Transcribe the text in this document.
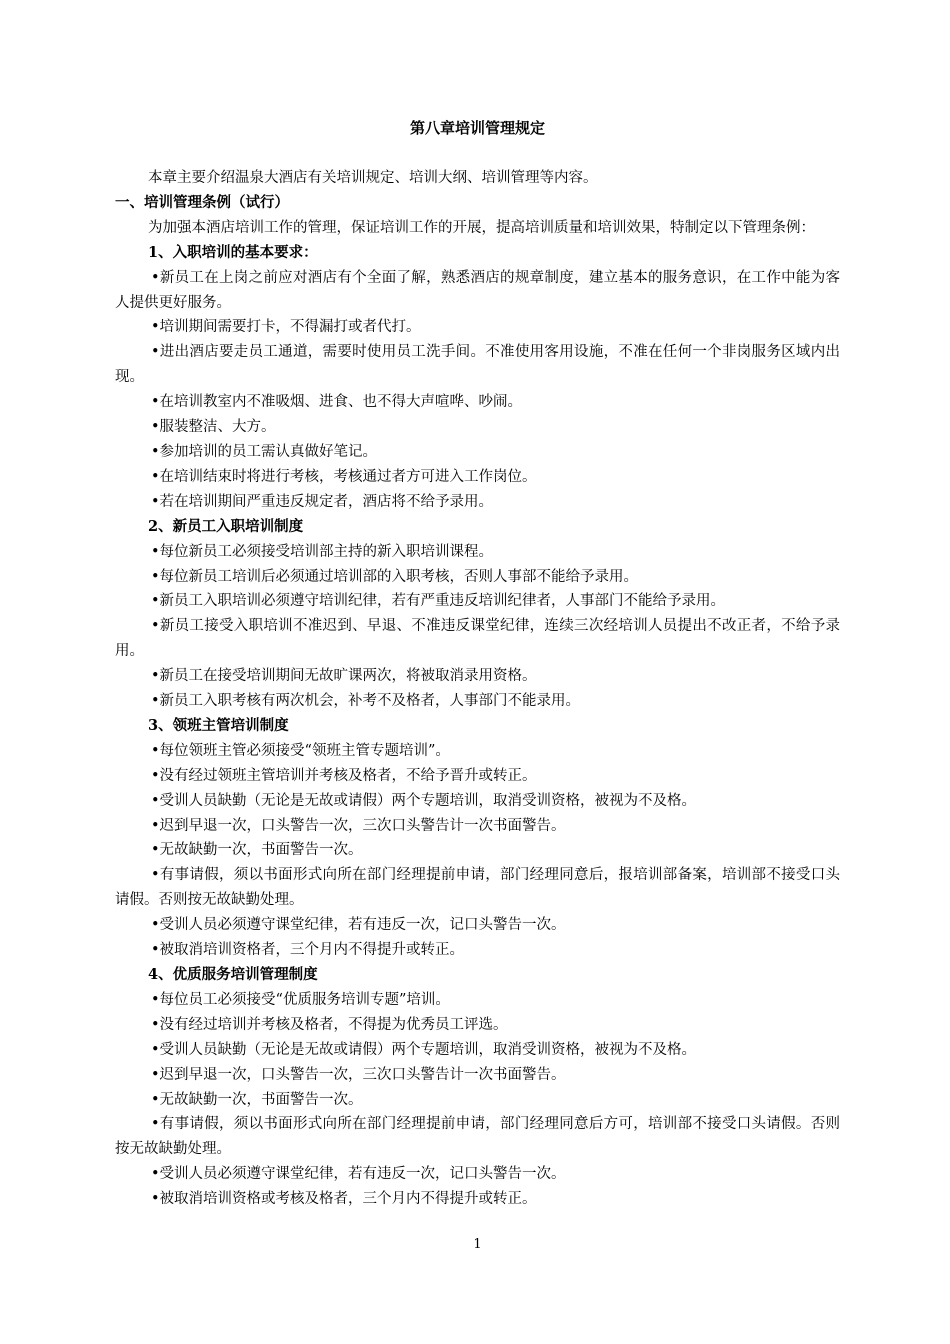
第八章培训管理规定

本章主要介绍温泉大酒店有关培训规定、培训大纲、培训管理等内容。

一、培训管理条例（试行）

为加强本酒店培训工作的管理，保证培训工作的开展，提高培训质量和培训效果，特制定以下管理条例：

1、入职培训的基本要求：

•新员工在上岗之前应对酒店有个全面了解，熟悉酒店的规章制度，建立基本的服务意识，在工作中能为客人提供更好服务。

•培训期间需要打卡，不得漏打或者代打。

•进出酒店要走员工通道，需要时使用员工洗手间。不准使用客用设施，不准在任何一个非岗服务区域内出现。

•在培训教室内不准吸烟、进食、也不得大声喧哗、吵闹。

•服装整洁、大方。

•参加培训的员工需认真做好笔记。

•在培训结束时将进行考核，考核通过者方可进入工作岗位。

•若在培训期间严重违反规定者，酒店将不给予录用。

2、新员工入职培训制度

•每位新员工必须接受培训部主持的新入职培训课程。

•每位新员工培训后必须通过培训部的入职考核，否则人事部不能给予录用。

•新员工入职培训必须遵守培训纪律，若有严重违反培训纪律者，人事部门不能给予录用。

•新员工接受入职培训不准迟到、早退、不准违反课堂纪律，连续三次经培训人员提出不改正者，不给予录用。

•新员工在接受培训期间无故旷课两次，将被取消录用资格。

•新员工入职考核有两次机会，补考不及格者，人事部门不能录用。

3、领班主管培训制度

•每位领班主管必须接受“领班主管专题培训”。

•没有经过领班主管培训并考核及格者，不给予晋升或转正。

•受训人员缺勤（无论是无故或请假）两个专题培训，取消受训资格，被视为不及格。

•迟到早退一次，口头警告一次，三次口头警告计一次书面警告。

•无故缺勤一次，书面警告一次。

•有事请假，须以书面形式向所在部门经理提前申请，部门经理同意后，报培训部备案，培训部不接受口头请假。否则按无故缺勤处理。

•受训人员必须遵守课堂纪律，若有违反一次，记口头警告一次。

•被取消培训资格者，三个月内不得提升或转正。

4、优质服务培训管理制度

•每位员工必须接受“优质服务培训专题”培训。

•没有经过培训并考核及格者，不得提为优秀员工评选。

•受训人员缺勤（无论是无故或请假）两个专题培训，取消受训资格，被视为不及格。

•迟到早退一次，口头警告一次，三次口头警告计一次书面警告。

•无故缺勤一次，书面警告一次。

•有事请假，须以书面形式向所在部门经理提前申请，部门经理同意后方可，培训部不接受口头请假。否则按无故缺勤处理。

•受训人员必须遵守课堂纪律，若有违反一次，记口头警告一次。

•被取消培训资格或考核及格者，三个月内不得提升或转正。

1
